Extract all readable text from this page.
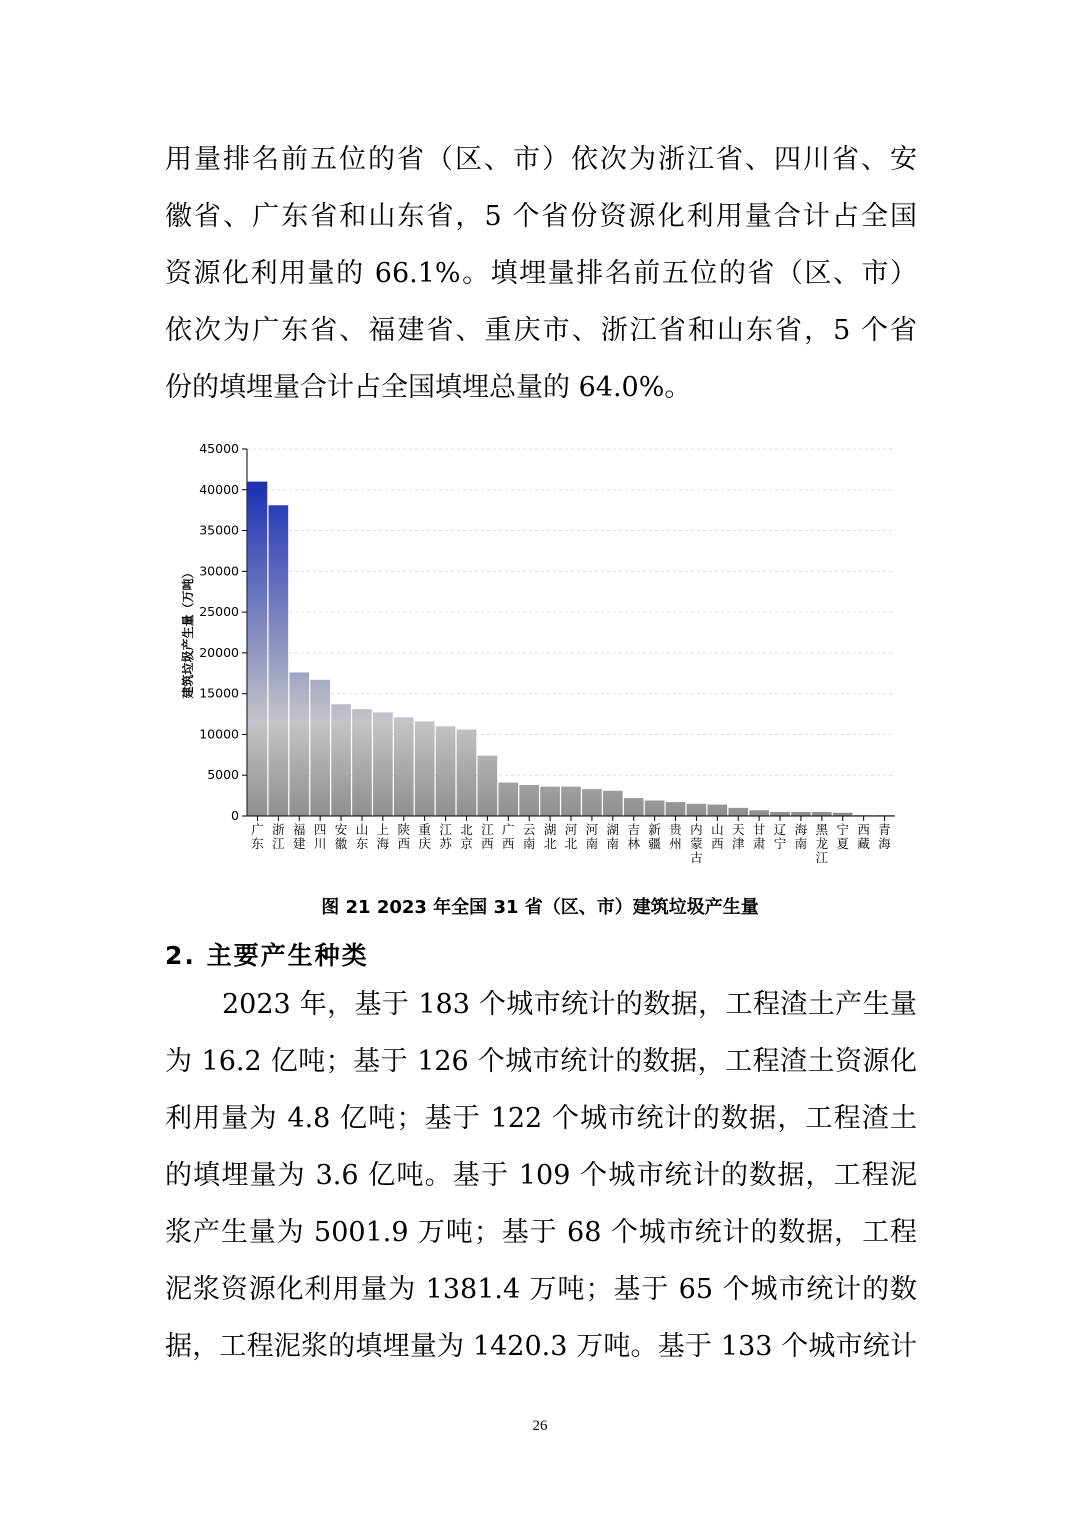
用量排名前五位的省（区、市）依次为浙江省、四川省、安
徽省、广东省和山东省，5 个省份资源化利用量合计占全国
资源化利用量的 66.1%。填埋量排名前五位的省（区、市）
依次为广东省、福建省、重庆市、浙江省和山东省，5 个省
份的填埋量合计占全国填埋总量的 64.0%。
0
5000
10000
15000
20000
25000
30000
35000
40000
45000
广东
浙江
福建
四川
安徽
山东
上海
陕西
重庆
江苏
北京
江西
广西
云南
湖北
河北
河南
湖南
吉林
新疆
贵州
内蒙古
山西
天津
甘肃
辽宁
海南
黑龙江
宁夏
西藏
青海
建筑垃圾产生量（万吨）
图 21 2023 年全国 31 省（区、市）建筑垃圾产生量
2. 主要产生种类
2023 年，基于 183 个城市统计的数据，工程渣土产生量
为 16.2 亿吨；基于 126 个城市统计的数据，工程渣土资源化
利用量为 4.8 亿吨；基于 122 个城市统计的数据，工程渣土
的填埋量为 3.6 亿吨。基于 109 个城市统计的数据，工程泥
浆产生量为 5001.9 万吨；基于 68 个城市统计的数据，工程
泥浆资源化利用量为 1381.4 万吨；基于 65 个城市统计的数
据，工程泥浆的填埋量为 1420.3 万吨。基于 133 个城市统计
26
